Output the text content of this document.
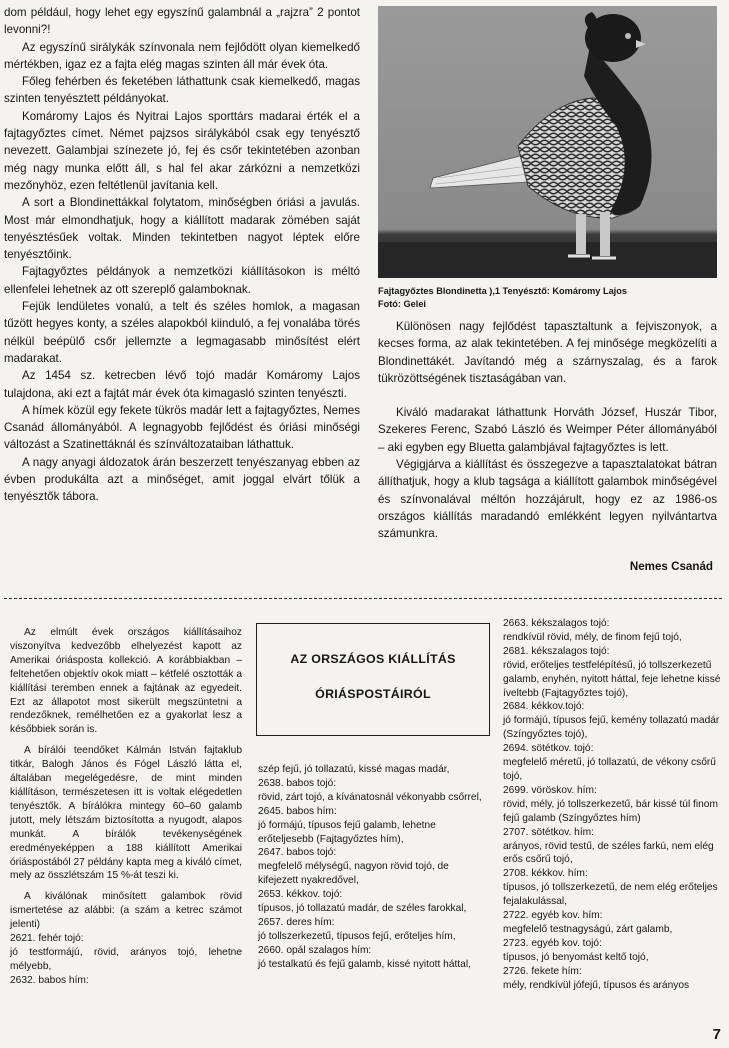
dom például, hogy lehet egy egyszínű galambnál a „rajzra” 2 pontot levonni?!

Az egyszínű sirálykák színvonala nem fejlődött olyan kiemelkedő mértékben, igaz ez a fajta elég magas szinten áll már évek óta.

Főleg fehérben és feketében láthattunk csak kiemelkedő, magas szinten tenyésztett példányokat.

Komáromy Lajos és Nyitrai Lajos sporttárs madarai érték el a fajtagyőztes címet. Német pajzsos sirálykából csak egy tenyésztő nevezett. Galambjai színezete jó, fej és csőr tekintetében azonban még nagy munka előtt áll, s hal fel akar zárkózni a nemzetközi mezőnyhöz, ezen feltétlenül javítania kell.

A sort a Blondinettákkal folytatom, minőségben óriási a javulás. Most már elmondhatjuk, hogy a kiállított madarak zömében saját tenyésztésűek voltak. Minden tekintetben nagyot léptek előre tenyésztőink.

Fajtagyőztes példányok a nemzetközi kiállításokon is méltó ellenfelei lehetnek az ott szereplő galamboknak.

Fejük lendületes vonalú, a telt és széles homlok, a magasan tűzött hegyes konty, a széles alapokból kiinduló, a fej vonalába törés nélkül beépülő csőr jellemzte a legmagasabb minősítést elért madarakat.

Az 1454 sz. ketrecben lévő tojó madár Komáromy Lajos tulajdona, aki ezt a fajtát már évek óta kimagasló szinten tenyészti.

A hímek közül egy fekete tükrös madár lett a fajtagyőztes, Nemes Csanád állományából. A legnagyobb fejlődést és óriási minőségi változást a Szatinettáknál és színváltozataiban láthattuk.

A nagy anyagi áldozatok árán beszerzett tenyészanyag ebben az évben produkálta azt a minőséget, amit joggal elvárt tőlük a tenyésztők tábora.

Fajtagyőztes Blondinetta ),1 Tenyésztő: Komáromy Lajos
Fotó: Gelei

Különösen nagy fejlődést tapasztaltunk a fejviszonyok, a kecses forma, az alak tekintetében. A fej minősége megközelíti a Blondinettákét. Javítandó még a szárnyszalag, és a farok tükrözöttségének tisztaságában van.

Kiváló madarakat láthattunk Horváth József, Huszár Tibor, Szekeres Ferenc, Szabó László és Weimper Péter állományából – aki egyben egy Bluetta galambjával fajtagyőztes is lett.

Végigjárva a kiállítást és összegezve a tapasztalatokat bátran állíthatjuk, hogy a klub tagsága a kiállított galambok minőségével és színvonalával méltón hozzájárult, hogy ez az 1986-os országos kiállítás maradandó emlékként legyen nyilvántartva számunkra.

Nemes Csanád

Az elmúlt évek országos kiállításaihoz viszonyítva kedvezőbb elhelyezést kapott az Amerikai óriásposta kollekció. A korábbiakban – feltehetően objektív okok miatt – kétfelé osztották a kiállítási teremben ennek a fajtának az egyedeit. Ezt az állapotot most sikerült megszüntetni a rendezőknek, remélhetően ez a gyakorlat lesz a későbbiek során is.

A bírálói teendőket Kálmán István fajtaklub titkár, Balogh János és Fógel László látta el, általában megelégedésre, de mint minden kiállításon, természetesen itt is voltak elégedetlen tenyésztők. A bírálókra mintegy 60–60 galamb jutott, mely létszám biztosította a nyugodt, alapos munkát. A bírálók tevékenységének eredményeképpen a 188 kiállított Amerikai óriáspostából 27 példány kapta meg a kiváló címet, mely az összlétszám 15 %-át teszi ki.

A kiválónak minősített galambok rövid ismertetése az alábbi: (a szám a ketrec számot jelenti)

2621. fehér tojó:

jó testformájú, rövid, arányos tojó, lehetne mélyebb,

2632. babos hím:

AZ ORSZÁGOS KIÁLLÍTÁS
ÓRIÁSPOSTÁIRÓL
szép fejű, jó tollazatú, kissé magas madár,
2638. babos tojó:
rövid, zárt tojó, a kívánatosnál vékonyabb csőrrel,
2645. babos hím:
jó formájú, típusos fejű galamb, lehetne erőteljesebb (Fajtagyőztes hím),
2647. babos tojó:
megfelelő mélységű, nagyon rövid tojó, de kifejezett nyakredővel,
2653. kékkov. tojó:
típusos, jó tollazatú madár, de széles farokkal,
2657. deres hím:
jó tollszerkezetű, típusos fejű, erőteljes hím,
2660. opál szalagos hím:
jó testalkatú és fejű galamb, kissé nyitott háttal,
2663. kékszalagos tojó:
rendkívül rövid, mély, de finom fejű tojó,
2681. kékszalagos tojó:
rövid, erőteljes testfelépítésű, jó tollszerkezetű galamb, enyhén, nyitott háttal, feje lehetne kissé íveltebb (Fajtagyőztes tojó),
2684. kékkov.tojó:
jó formájú, típusos fejű, kemény tollazatú madár (Színgyőztes tojó),
2694. sötétkov. tojó:
megfelelő méretű, jó tollazatú, de vékony csőrű tojó,
2699. vöröskov. hím:
rövid, mély, jó tollszerkezetű, bár kissé túl finom fejű galamb (Színgyőztes hím)
2707. sötétkov. hím:
arányos, rövid testű, de széles farkú, nem elég erős csőrű tojó,
2708. kékkov. hím:
típusos, jó tollszerkezetű, de nem elég erőteljes fejalakulással,
2722. egyéb kov. hím:
megfelelő testnagyságú, zárt galamb,
2723. egyéb kov. tojó:
típusos, jó benyomást keltő tojó,
2726. fekete hím:
mély, rendkívül jófejű, típusos és arányos
7
